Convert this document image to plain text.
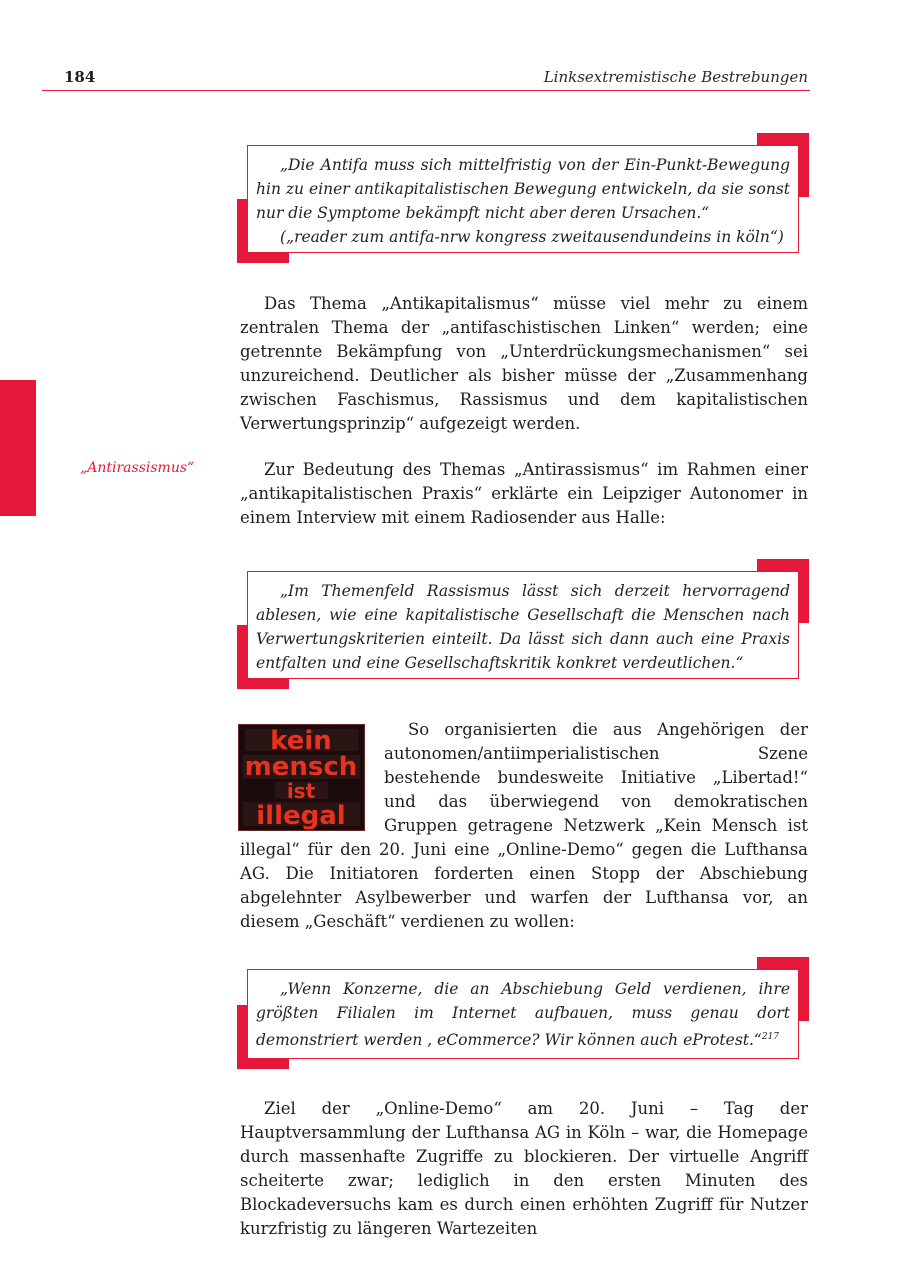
184	Linksextremistische Bestrebungen
„Antirassismus“

„Die Antifa muss sich mittelfristig von der Ein-Punkt-Bewegung hin zu einer antikapitalistischen Bewegung entwickeln, da sie sonst nur die Symptome bekämpft nicht aber deren Ursachen.“

(„reader zum antifa-nrw kongress zweitausendundeins in köln“)

Das Thema „Antikapitalismus“ müsse viel mehr zu einem zentralen Thema der „antifaschistischen Linken“ werden; eine getrennte Bekämpfung von „Unterdrückungsmechanismen“ sei unzureichend. Deutlicher als bisher müsse der „Zusammenhang zwischen Faschismus, Rassismus und dem kapitalistischen Verwertungsprinzip“ aufgezeigt werden.

Zur Bedeutung des Themas „Antirassismus“ im Rahmen einer „antikapitalistischen Praxis“ erklärte ein Leipziger Autonomer in einem Interview mit einem Radiosender aus Halle:

„Im Themenfeld Rassismus lässt sich derzeit hervorragend ablesen, wie eine kapitalistische Gesellschaft die Menschen nach Verwertungskriterien einteilt. Da lässt sich dann auch eine Praxis entfalten und eine Gesellschaftskritik konkret verdeutlichen.“

kein
mensch
ist
illegal

So organisierten die aus Angehörigen der autonomen/antiimperialistischen Szene bestehende bundesweite Initiative „Libertad!“ und das überwiegend von demokratischen Gruppen getragene Netzwerk „Kein Mensch ist illegal“ für den 20. Juni eine „Online-Demo“ gegen die Lufthansa AG. Die Initiatoren forderten einen Stopp der Abschiebung abgelehnter Asylbewerber und warfen der Lufthansa vor, an diesem „Geschäft“ verdienen zu wollen:

„Wenn Konzerne, die an Abschiebung Geld verdienen, ihre größten Filialen im Internet aufbauen, muss genau dort demonstriert werden , eCommerce? Wir können auch eProtest.“$^{217}$

Ziel der „Online-Demo“ am 20. Juni – Tag der Hauptversammlung der Lufthansa AG in Köln – war, die Homepage durch massenhafte Zugriffe zu blockieren. Der virtuelle Angriff scheiterte zwar; lediglich in den ersten Minuten des Blockadeversuchs kam es durch einen erhöhten Zugriff für Nutzer kurzfristig zu längeren Wartezeiten
